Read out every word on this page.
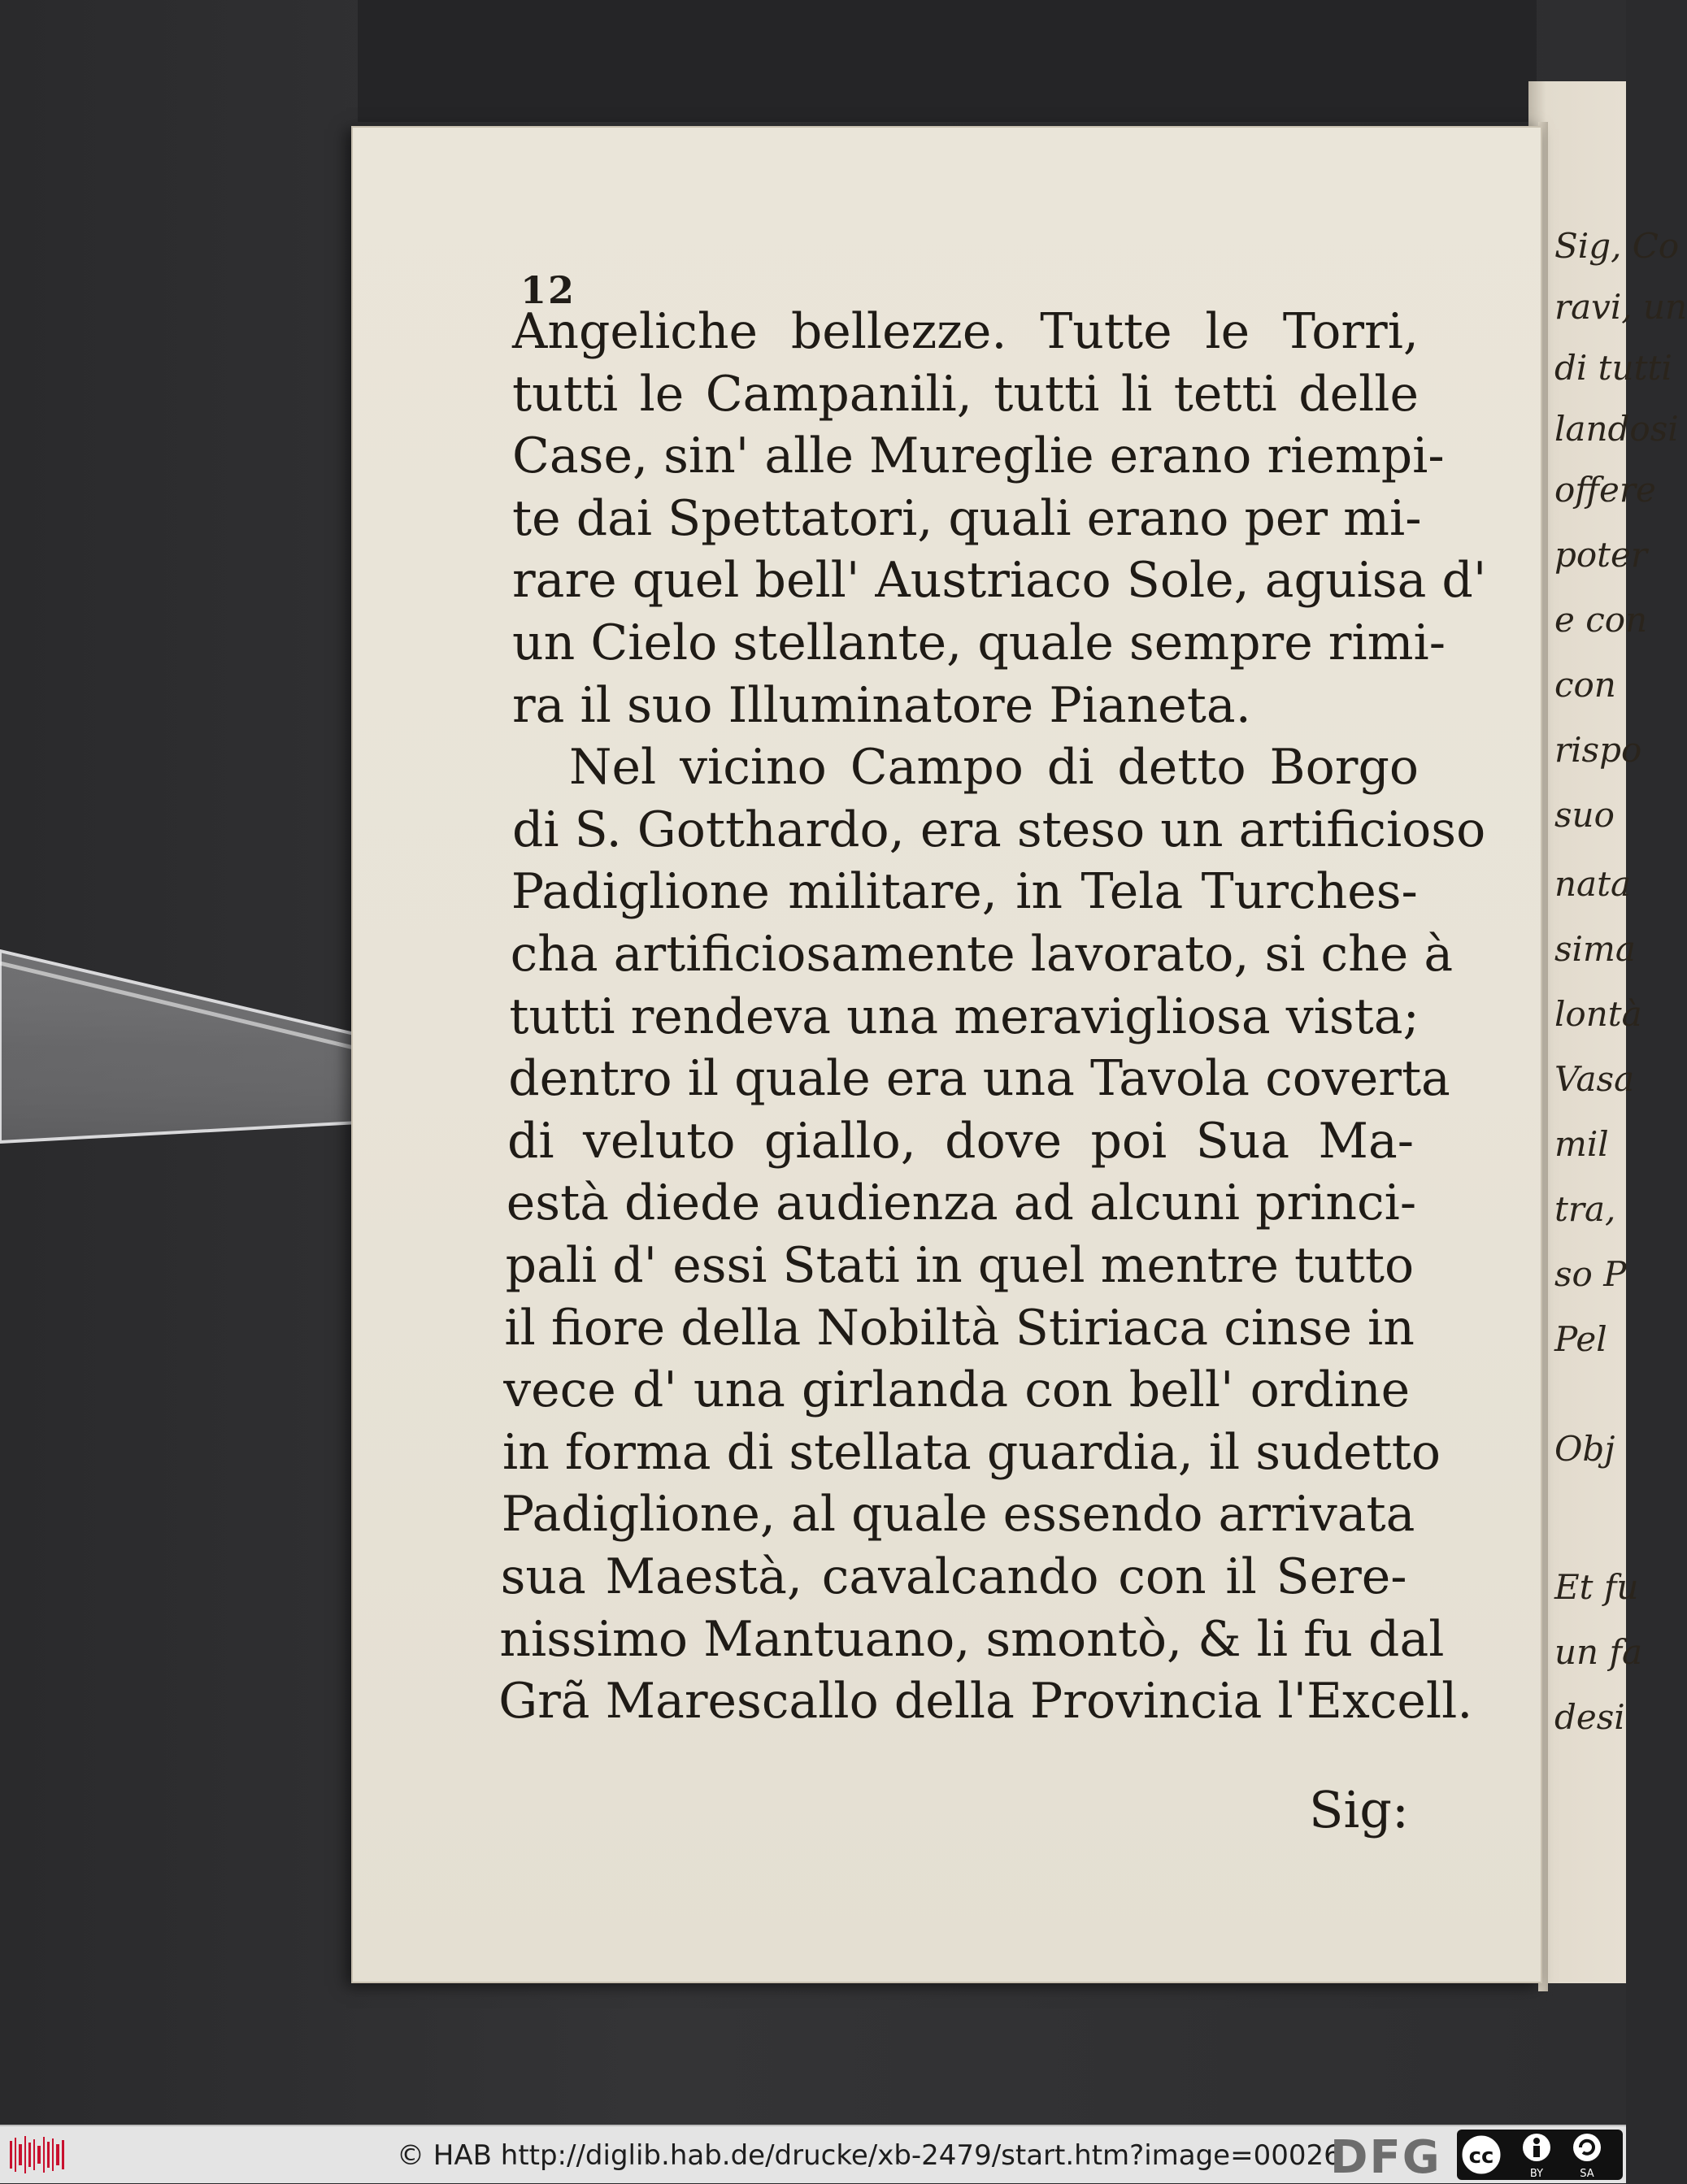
Sig, Co
ravi, un
di tutti
landosi
offere
poter
e con
con
rispo
suo
nata
sima
lontà
Vasa
mil
tra,
so P
Pel
Obj
Et fu
un fa
desi
12
Angeliche bellezze. Tutte le Torri,
tutti le Campanili, tutti li tetti delle
Case, sin' alle Mureglie erano riempi-
te dai Spettatori, quali erano per mi-
rare quel bell' Austriaco Sole, aguisa d'
un Cielo stellante, quale sempre rimi-
ra il suo Illuminatore Pianeta.
Nel vicino Campo di detto Borgo
di S. Gotthardo, era steso un artificioso
Padiglione militare, in Tela Turches-
cha artificiosamente lavorato, si che à
tutti rendeva una meravigliosa vista;
dentro il quale era una Tavola coverta
di veluto giallo, dove poi Sua Ma-
està diede audienza ad alcuni princi-
pali d' essi Stati in quel mentre tutto
il fiore della Nobiltà Stiriaca cinse in
vece d' una girlanda con bell' ordine
in forma di stellata guardia, il sudetto
Padiglione, al quale essendo arrivata
sua Maestà, cavalcando con il Sere-
nissimo Mantuano, smontò, & li fu dal
Grã Marescallo della Provincia l'Excell.
Sig:
© HAB http://diglib.hab.de/drucke/xb-2479/start.htm?image=00026
DFG cc
BY	SA
